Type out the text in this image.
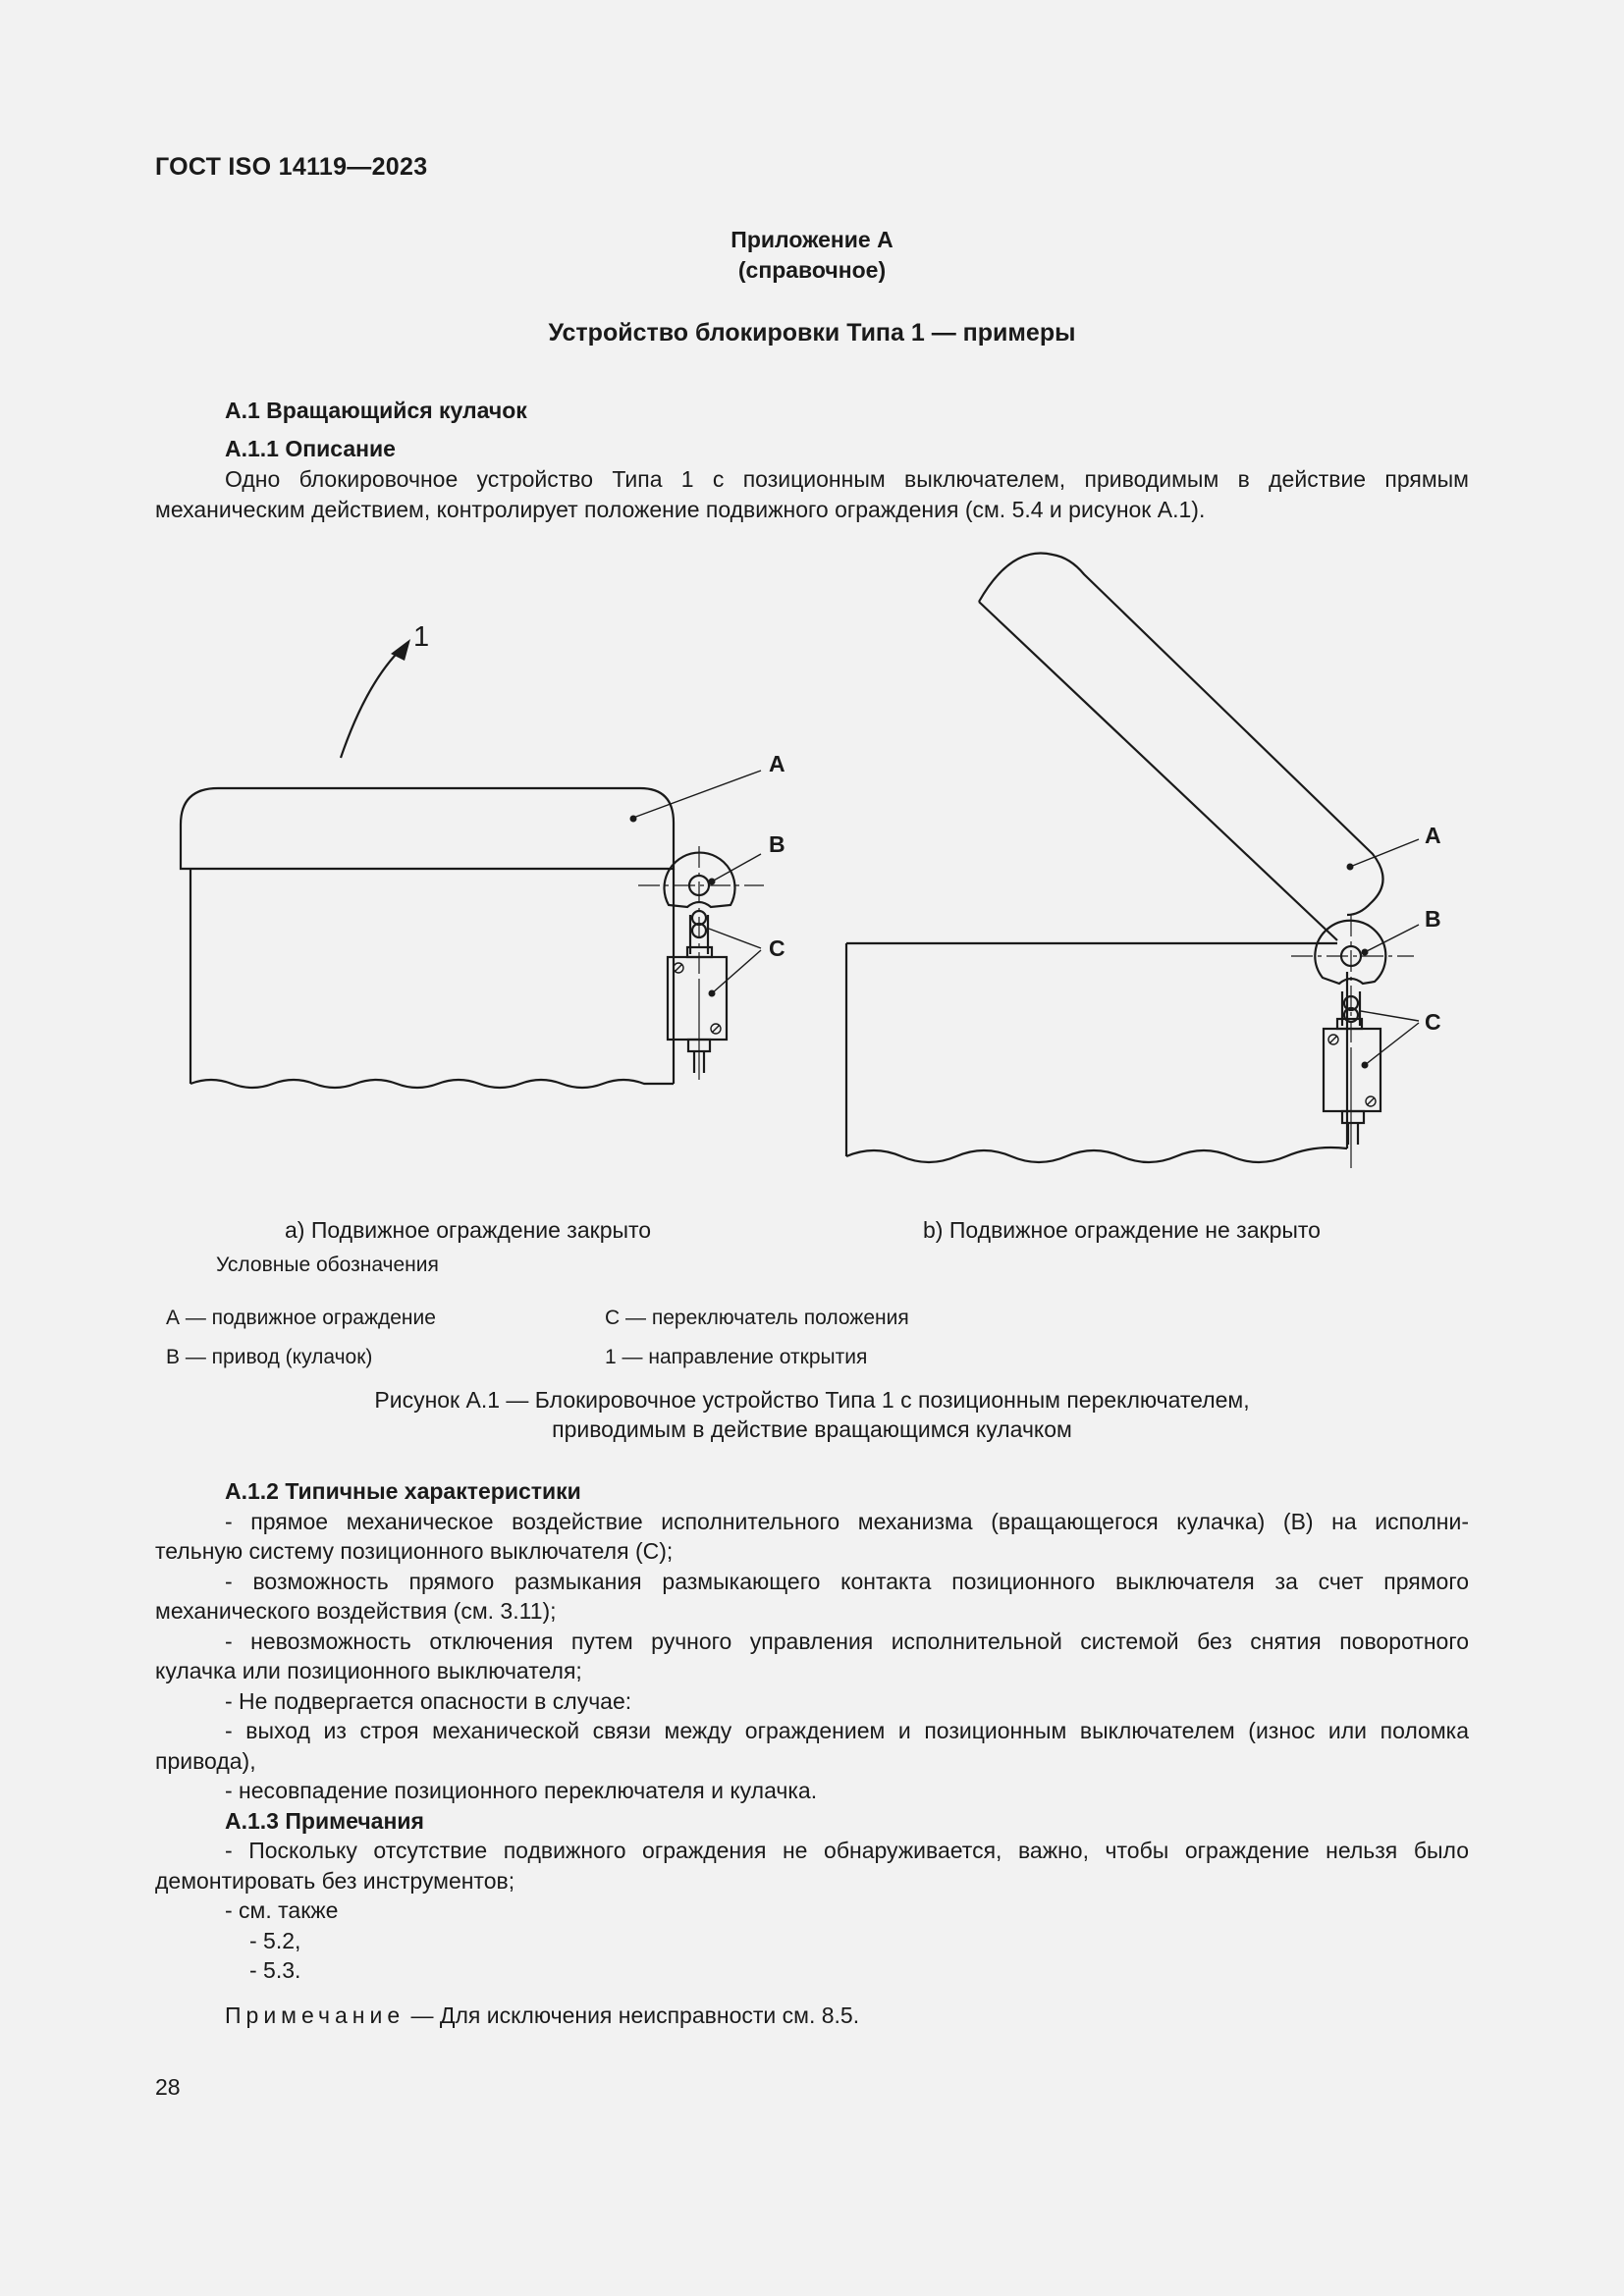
ГОСТ ISO 14119—2023
Приложение А
(справочное)
Устройство блокировки Типа 1 — примеры
А.1 Вращающийся кулачок
А.1.1 Описание
Одно блокировочное устройство Типа 1 с позиционным выключателем, приводимым в действие прямым
механическим действием, контролирует положение подвижного ограждения (см. 5.4 и рисунок А.1).
1
A
B
C
A
B
C
а) Подвижное ограждение закрыто	b) Подвижное ограждение не закрыто
Условные обозначения
А — подвижное ограждение	С — переключатель положения
В — привод (кулачок)	1 — направление открытия
Рисунок А.1 — Блокировочное устройство Типа 1 с позиционным переключателем,
приводимым в действие вращающимся кулачком
А.1.2 Типичные характеристики
- прямое механическое воздействие исполнительного механизма (вращающегося кулачка) (В) на исполни-
тельную систему позиционного выключателя (С);
- возможность прямого размыкания размыкающего контакта позиционного выключателя за счет прямого
механического воздействия (см. 3.11);
- невозможность отключения путем ручного управления исполнительной системой без снятия поворотного
кулачка или позиционного выключателя;
- Не подвергается опасности в случае:
- выход из строя механической связи между ограждением и позиционным выключателем (износ или поломка
привода),
- несовпадение позиционного переключателя и кулачка.
А.1.3 Примечания
- Поскольку отсутствие подвижного ограждения не обнаруживается, важно, чтобы ограждение нельзя было
демонтировать без инструментов;
- см. также
- 5.2,
- 5.3.
Примечание — Для исключения неисправности см. 8.5.
28
